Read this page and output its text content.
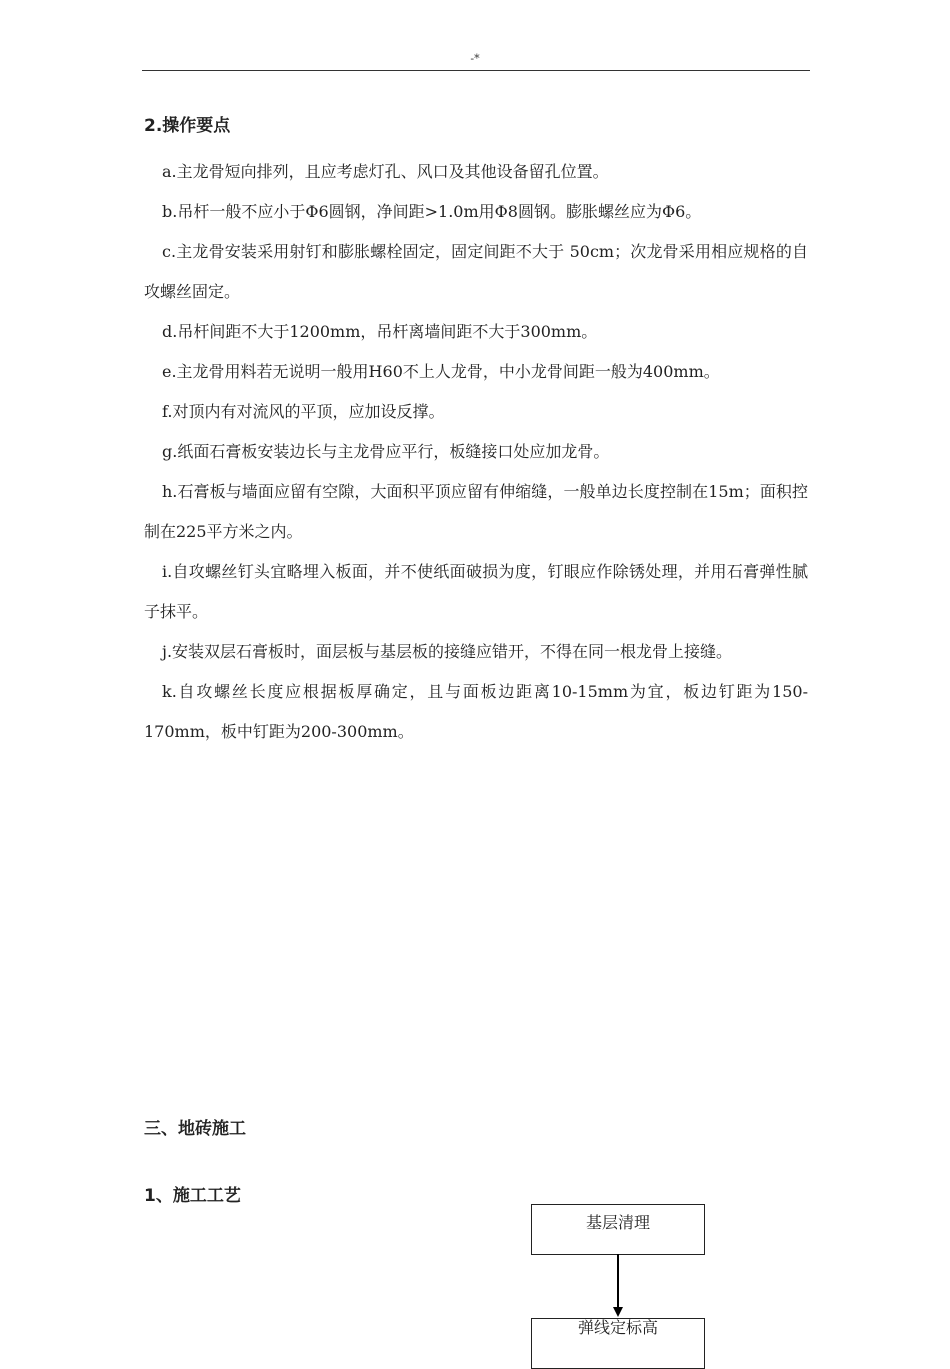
-*
2.操作要点

a.主龙骨短向排列，且应考虑灯孔、风口及其他设备留孔位置。

b.吊杆一般不应小于Φ6圆钢，净间距>1.0m用Φ8圆钢。膨胀螺丝应为Φ6。

c.主龙骨安装采用射钉和膨胀螺栓固定，固定间距不大于 50cm；次龙骨采用相应规格的自攻螺丝固定。

d.吊杆间距不大于1200mm，吊杆离墙间距不大于300mm。

e.主龙骨用料若无说明一般用H60不上人龙骨，中小龙骨间距一般为400mm。

f.对顶内有对流风的平顶，应加设反撑。

g.纸面石膏板安装边长与主龙骨应平行，板缝接口处应加龙骨。

h.石膏板与墙面应留有空隙，大面积平顶应留有伸缩缝，一般单边长度控制在15m；面积控制在225平方米之内。

i.自攻螺丝钉头宜略埋入板面，并不使纸面破损为度，钉眼应作除锈处理，并用石膏弹性腻子抹平。

j.安装双层石膏板时，面层板与基层板的接缝应错开，不得在同一根龙骨上接缝。

k.自攻螺丝长度应根据板厚确定，且与面板边距离10-15mm为宜，板边钉距为150-170mm，板中钉距为200-300mm。

三、地砖施工
1、施工工艺
基层清理
弹线定标高
